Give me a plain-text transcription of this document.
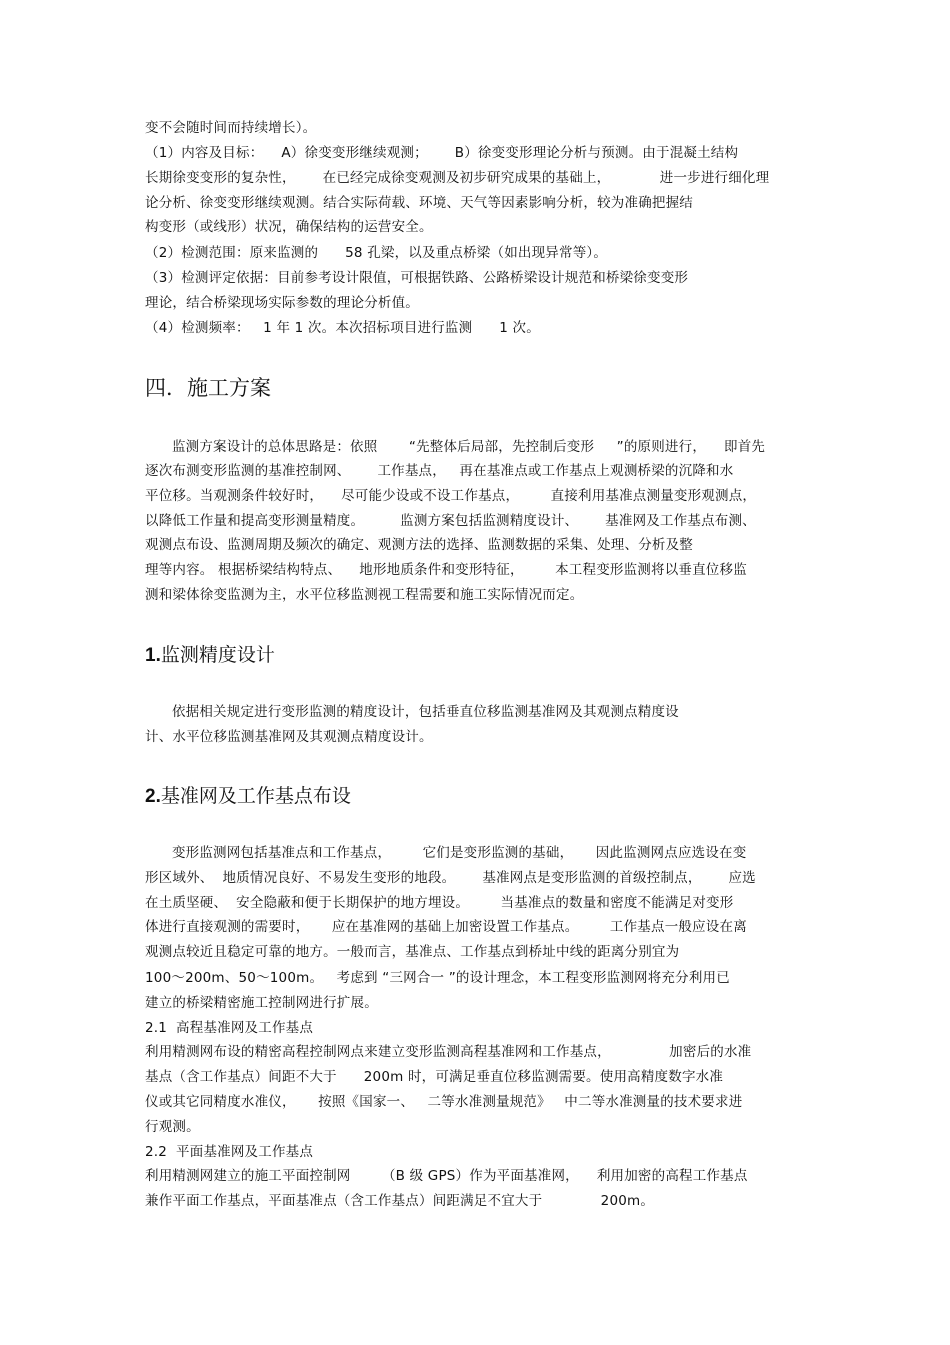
变不会随时间而持续增长）。
（1）内容及目标：    A）徐变变形继续观测；      B）徐变变形理论分析与预测。由于混凝土结构
长期徐变变形的复杂性，      在已经完成徐变观测及初步研究成果的基础上，           进一步进行细化理
论分析、徐变变形继续观测。结合实际荷载、环境、天气等因素影响分析，较为准确把握结
构变形（或线形）状况，确保结构的运营安全。
（2）检测范围：原来监测的      58 孔梁，以及重点桥梁（如出现异常等）。
（3）检测评定依据：目前参考设计限值，可根据铁路、公路桥梁设计规范和桥梁徐变变形
理论，结合桥梁现场实际参数的理论分析值。
（4）检测频率：   1 年 1 次。本次招标项目进行监测      1 次。
四．施工方案
监测方案设计的总体思路是：依照       “先整体后局部，先控制后变形     ”的原则进行，    即首先
逐次布测变形监测的基准控制网、      工作基点，   再在基准点或工作基点上观测桥梁的沉降和水
平位移。当观测条件较好时，    尽可能少设或不设工作基点，       直接利用基准点测量变形观测点，
以降低工作量和提高变形测量精度。        监测方案包括监测精度设计、      基准网及工作基点布测、
观测点布设、监测周期及频次的确定、观测方法的选择、监测数据的采集、处理、分析及整
理等内容。 根据桥梁结构特点、    地形地质条件和变形特征，       本工程变形监测将以垂直位移监
测和梁体徐变监测为主，水平位移监测视工程需要和施工实际情况而定。
1.监测精度设计
依据相关规定进行变形监测的精度设计，包括垂直位移监测基准网及其观测点精度设
计、水平位移监测基准网及其观测点精度设计。
2.基准网及工作基点布设
变形监测网包括基准点和工作基点，       它们是变形监测的基础，     因此监测网点应选设在变
形区域外、  地质情况良好、不易发生变形的地段。      基准网点是变形监测的首级控制点，      应选
在土质坚硬、  安全隐蔽和便于长期保护的地方埋设。       当基准点的数量和密度不能满足对变形
体进行直接观测的需要时，     应在基准网的基础上加密设置工作基点。       工作基点一般应设在离
观测点较近且稳定可靠的地方。一般而言，基准点、工作基点到桥址中线的距离分别宜为
100～200m、50～100m。   考虑到 “三网合一 ”的设计理念，本工程变形监测网将充分利用已
建立的桥梁精密施工控制网进行扩展。
2.1  高程基准网及工作基点
利用精测网布设的精密高程控制网点来建立变形监测高程基准网和工作基点，             加密后的水准
基点（含工作基点）间距不大于      200m 时，可满足垂直位移监测需要。使用高精度数字水准
仪或其它同精度水准仪，     按照《国家一、   二等水准测量规范》   中二等水准测量的技术要求进
行观测。
2.2  平面基准网及工作基点
利用精测网建立的施工平面控制网       （B 级 GPS）作为平面基准网，    利用加密的高程工作基点
兼作平面工作基点，平面基准点（含工作基点）间距满足不宜大于             200m。
